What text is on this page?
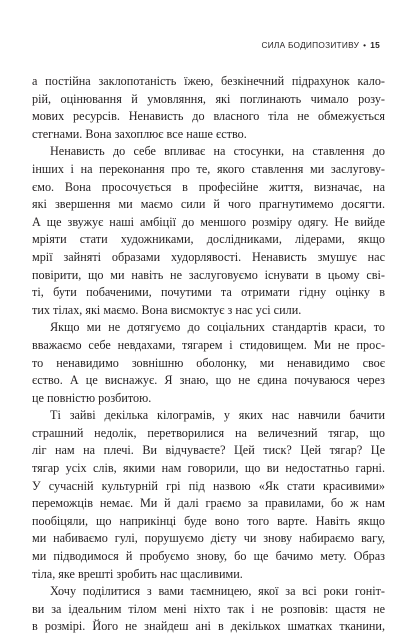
СИЛА БОДИПОЗИТИВУ • 15

а постійна заклопотаність їжею, безкінечний підрахунок кало-
рій, оцінювання й умовляння, які поглинають чимало розу-
мових ресурсів. Ненависть до власного тіла не обмежується
стегнами. Вона захоплює все наше єство.

Ненависть до себе впливає на стосунки, на ставлення до
інших і на переконання про те, якого ставлення ми заслугову-
ємо. Вона просочується в професійне життя, визначає, на
які звершення ми маємо сили й чого прагнутимемо досягти.
А ще звужує наші амбіції до меншого розміру одягу. Не вийде
мріяти стати художниками, дослідниками, лідерами, якщо
мрії зайняті образами худорлявості. Ненависть змушує нас
повірити, що ми навіть не заслуговуємо існувати в цьому сві-
ті, бути побаченими, почутими та отримати гідну оцінку в
тих тілах, які маємо. Вона висмоктує з нас усі сили.

Якщо ми не дотягуємо до соціальних стандартів краси, то
вважаємо себе невдахами, тягарем і стидовищем. Ми не прос-
то ненавидимо зовнішню оболонку, ми ненавидимо своє
єство. А це виснажує. Я знаю, що не єдина почуваюся через
це повністю розбитою.

Ті зайві декілька кілограмів, у яких нас навчили бачити
страшний недолік, перетворилися на величезний тягар, що
ліг нам на плечі. Ви відчуваєте? Цей тиск? Цей тягар? Це
тягар усіх слів, якими нам говорили, що ви недостатньо гарні.
У сучасній культурній грі під назвою «Як стати красивими»
переможців немає. Ми й далі граємо за правилами, бо ж нам
пообіцяли, що наприкінці буде воно того варте. Навіть якщо
ми набиваємо гулі, порушуємо дієту чи знову набираємо вагу,
ми підводимося й пробуємо знову, бо ще бачимо мету. Образ
тіла, яке врешті зробить нас щасливими.

Хочу поділитися з вами таємницею, якої за всі роки гоніт-
ви за ідеальним тілом мені ніхто так і не розповів: щастя не
в розмірі. Його не знайдеш ані в декількох шматках тканини,
